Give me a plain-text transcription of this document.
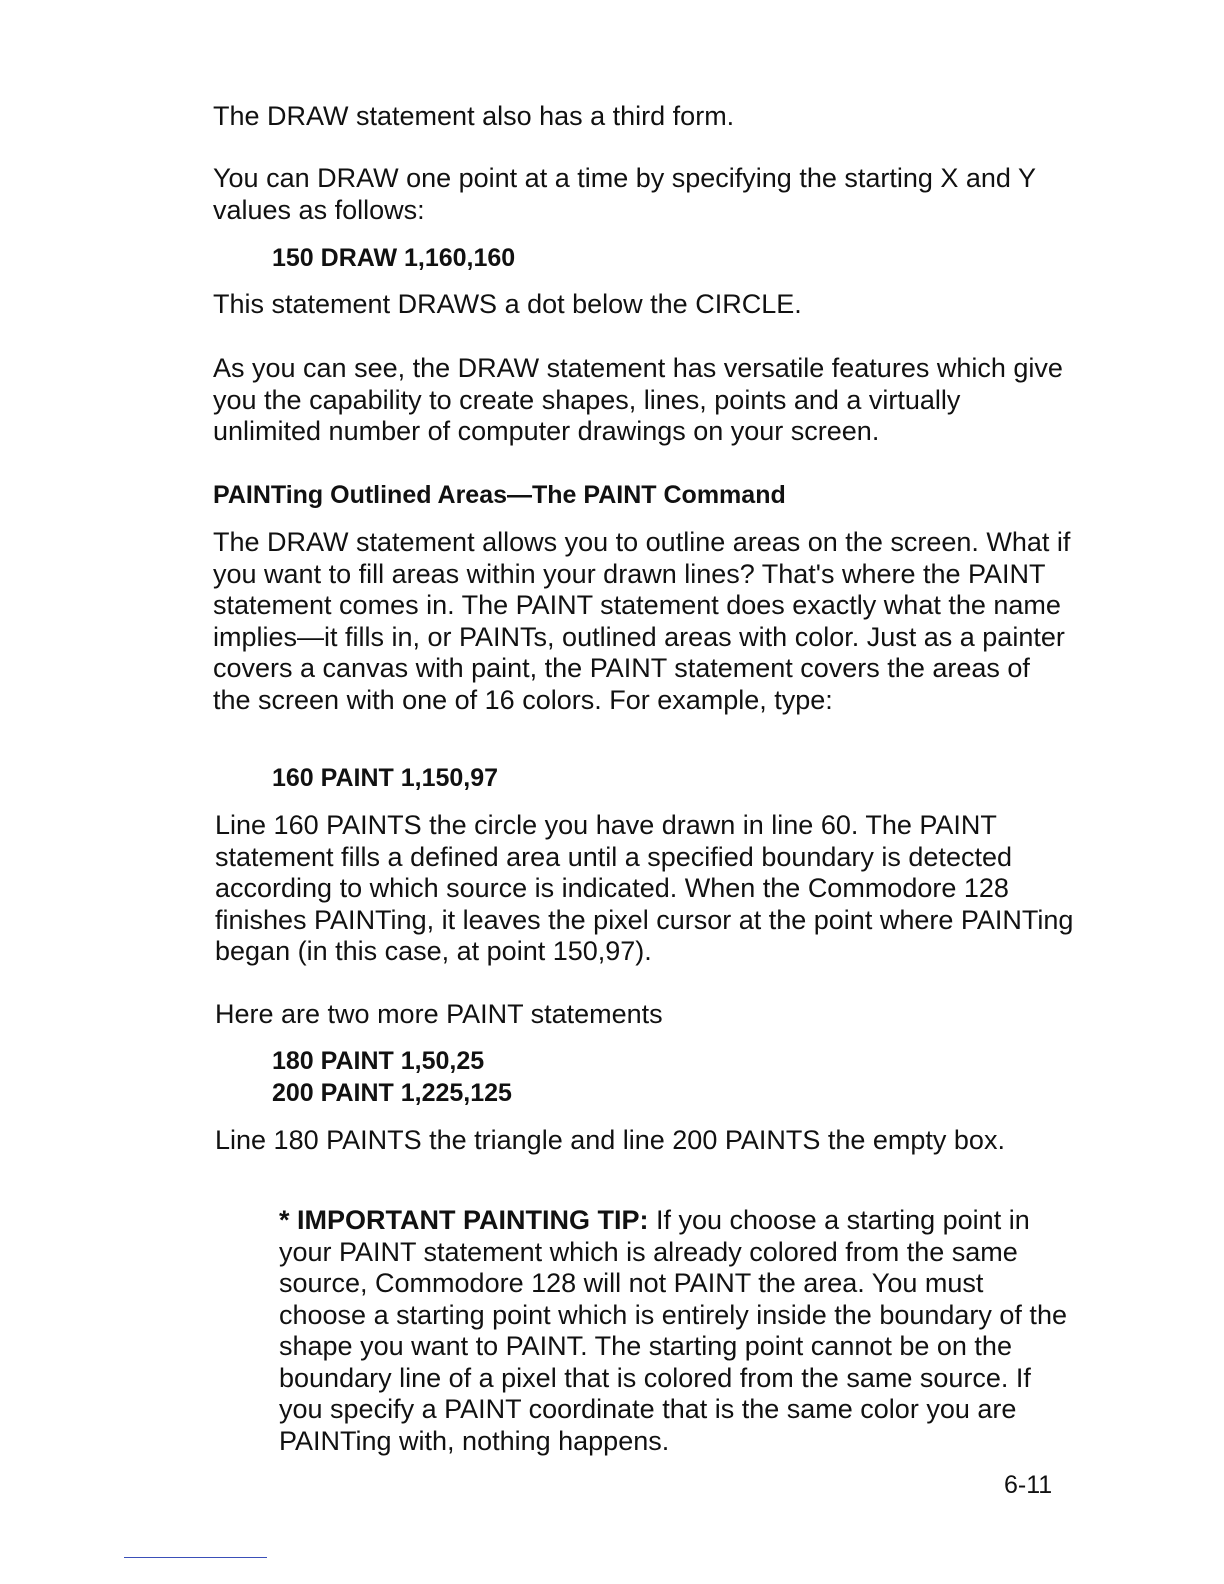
The DRAW statement also has a third form.

You can DRAW one point at a time by specifying the starting X and Y values as follows:

150 DRAW 1,160,160

This statement DRAWS a dot below the CIRCLE.

As you can see, the DRAW statement has versatile features which give you the capability to create shapes, lines, points and a virtually unlimited number of computer drawings on your screen.

PAINTing Outlined Areas—The PAINT Command

The DRAW statement allows you to outline areas on the screen. What if you want to fill areas within your drawn lines? That's where the PAINT statement comes in. The PAINT statement does exactly what the name implies—it fills in, or PAINTs, outlined areas with color. Just as a painter covers a canvas with paint, the PAINT statement covers the areas of the screen with one of 16 colors. For example, type:

160 PAINT 1,150,97

Line 160 PAINTS the circle you have drawn in line 60. The PAINT statement fills a defined area until a specified boundary is detected according to which source is indicated. When the Commodore 128 finishes PAINTing, it leaves the pixel cursor at the point where PAINTing began (in this case, at point 150,97).

Here are two more PAINT statements

180 PAINT 1,50,25

200 PAINT 1,225,125

Line 180 PAINTS the triangle and line 200 PAINTS the empty box.

* IMPORTANT PAINTING TIP: If you choose a starting point in your PAINT statement which is already colored from the same source, Commodore 128 will not PAINT the area. You must choose a starting point which is entirely inside the boundary of the shape you want to PAINT. The starting point cannot be on the boundary line of a pixel that is colored from the same source. If you specify a PAINT coordinate that is the same color you are PAINTing with, nothing happens.

6-11
